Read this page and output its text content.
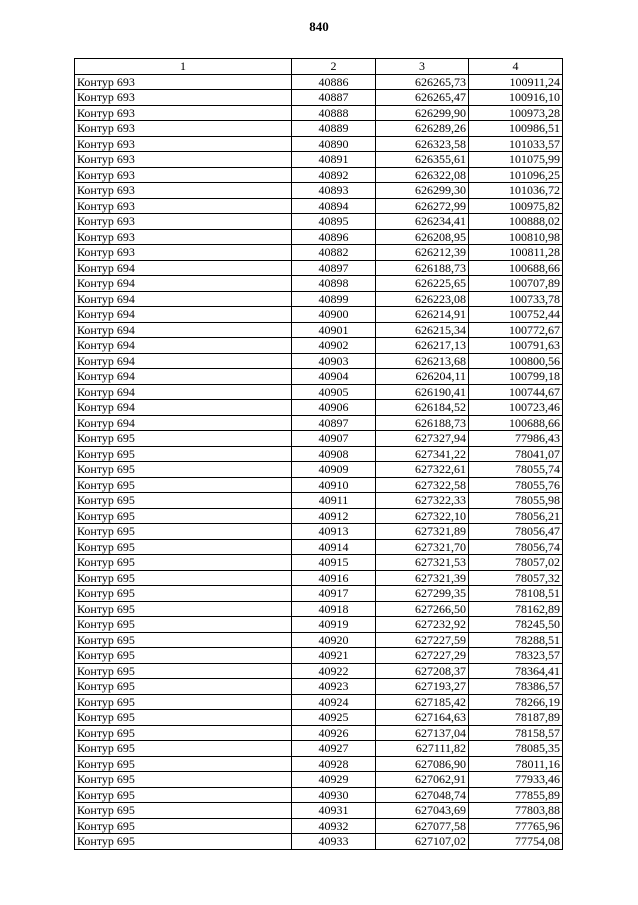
840
1	2	3	4
Контур 693	40886	626265,73	100911,24
Контур 693	40887	626265,47	100916,10
Контур 693	40888	626299,90	100973,28
Контур 693	40889	626289,26	100986,51
Контур 693	40890	626323,58	101033,57
Контур 693	40891	626355,61	101075,99
Контур 693	40892	626322,08	101096,25
Контур 693	40893	626299,30	101036,72
Контур 693	40894	626272,99	100975,82
Контур 693	40895	626234,41	100888,02
Контур 693	40896	626208,95	100810,98
Контур 693	40882	626212,39	100811,28
Контур 694	40897	626188,73	100688,66
Контур 694	40898	626225,65	100707,89
Контур 694	40899	626223,08	100733,78
Контур 694	40900	626214,91	100752,44
Контур 694	40901	626215,34	100772,67
Контур 694	40902	626217,13	100791,63
Контур 694	40903	626213,68	100800,56
Контур 694	40904	626204,11	100799,18
Контур 694	40905	626190,41	100744,67
Контур 694	40906	626184,52	100723,46
Контур 694	40897	626188,73	100688,66
Контур 695	40907	627327,94	77986,43
Контур 695	40908	627341,22	78041,07
Контур 695	40909	627322,61	78055,74
Контур 695	40910	627322,58	78055,76
Контур 695	40911	627322,33	78055,98
Контур 695	40912	627322,10	78056,21
Контур 695	40913	627321,89	78056,47
Контур 695	40914	627321,70	78056,74
Контур 695	40915	627321,53	78057,02
Контур 695	40916	627321,39	78057,32
Контур 695	40917	627299,35	78108,51
Контур 695	40918	627266,50	78162,89
Контур 695	40919	627232,92	78245,50
Контур 695	40920	627227,59	78288,51
Контур 695	40921	627227,29	78323,57
Контур 695	40922	627208,37	78364,41
Контур 695	40923	627193,27	78386,57
Контур 695	40924	627185,42	78266,19
Контур 695	40925	627164,63	78187,89
Контур 695	40926	627137,04	78158,57
Контур 695	40927	627111,82	78085,35
Контур 695	40928	627086,90	78011,16
Контур 695	40929	627062,91	77933,46
Контур 695	40930	627048,74	77855,89
Контур 695	40931	627043,69	77803,88
Контур 695	40932	627077,58	77765,96
Контур 695	40933	627107,02	77754,08
